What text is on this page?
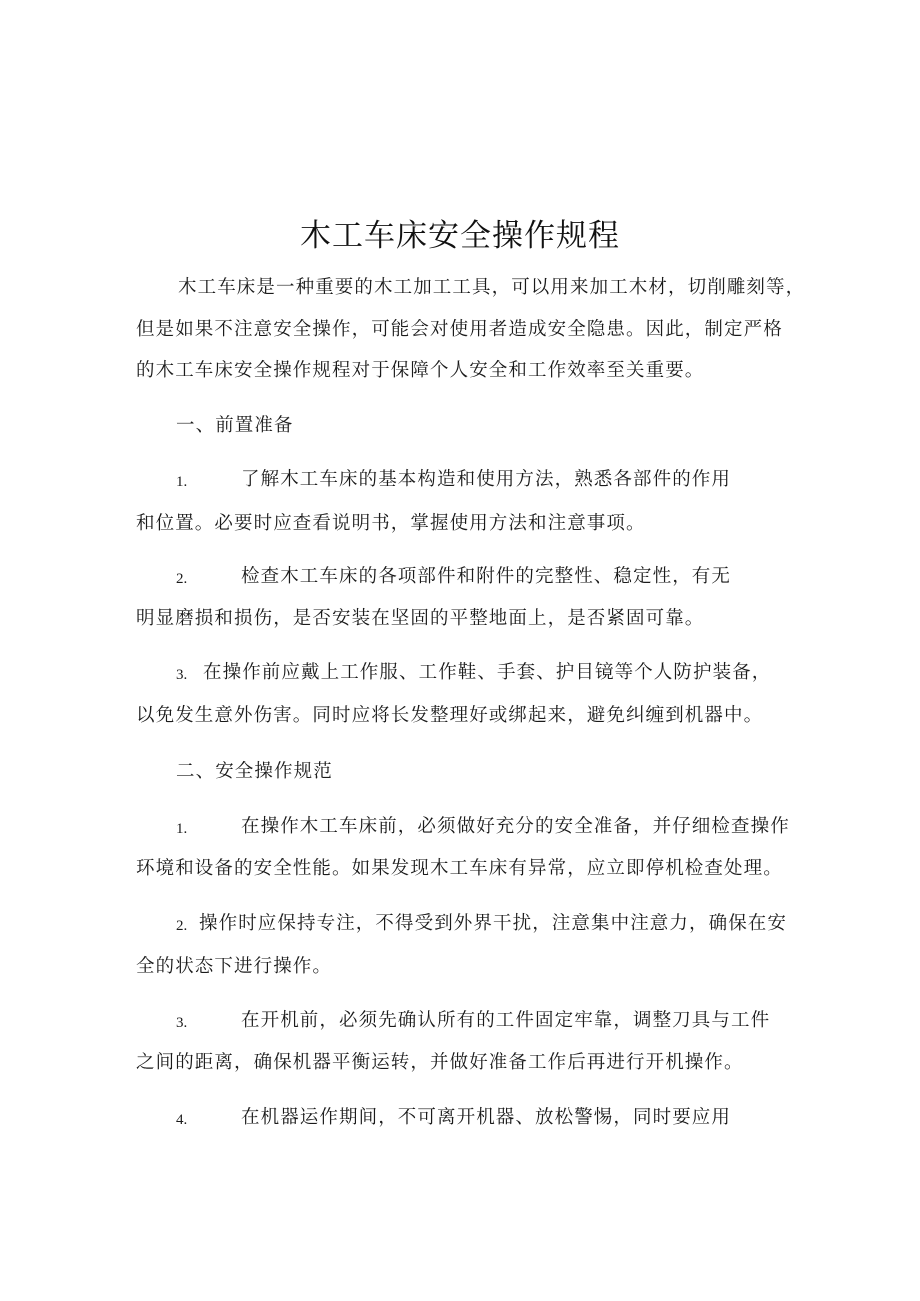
木工车床安全操作规程
木工车床是一种重要的木工加工工具，可以用来加工木材，切削雕刻等，
但是如果不注意安全操作，可能会对使用者造成安全隐患。因此，制定严格
的木工车床安全操作规程对于保障个人安全和工作效率至关重要。
一、前置准备
1.	了解木工车床的基本构造和使用方法，熟悉各部件的作用
和位置。必要时应查看说明书，掌握使用方法和注意事项。
2.	检查木工车床的各项部件和附件的完整性、稳定性，有无
明显磨损和损伤，是否安装在坚固的平整地面上，是否紧固可靠。
3. 在操作前应戴上工作服、工作鞋、手套、护目镜等个人防护装备，
以免发生意外伤害。同时应将长发整理好或绑起来，避免纠缠到机器中。
二、安全操作规范
1.	在操作木工车床前，必须做好充分的安全准备，并仔细检查操作
环境和设备的安全性能。如果发现木工车床有异常，应立即停机检查处理。
2. 操作时应保持专注，不得受到外界干扰，注意集中注意力，确保在安
全的状态下进行操作。
3.	在开机前，必须先确认所有的工件固定牢靠，调整刀具与工件
之间的距离，确保机器平衡运转，并做好准备工作后再进行开机操作。
4.	在机器运作期间，不可离开机器、放松警惕，同时要应用
